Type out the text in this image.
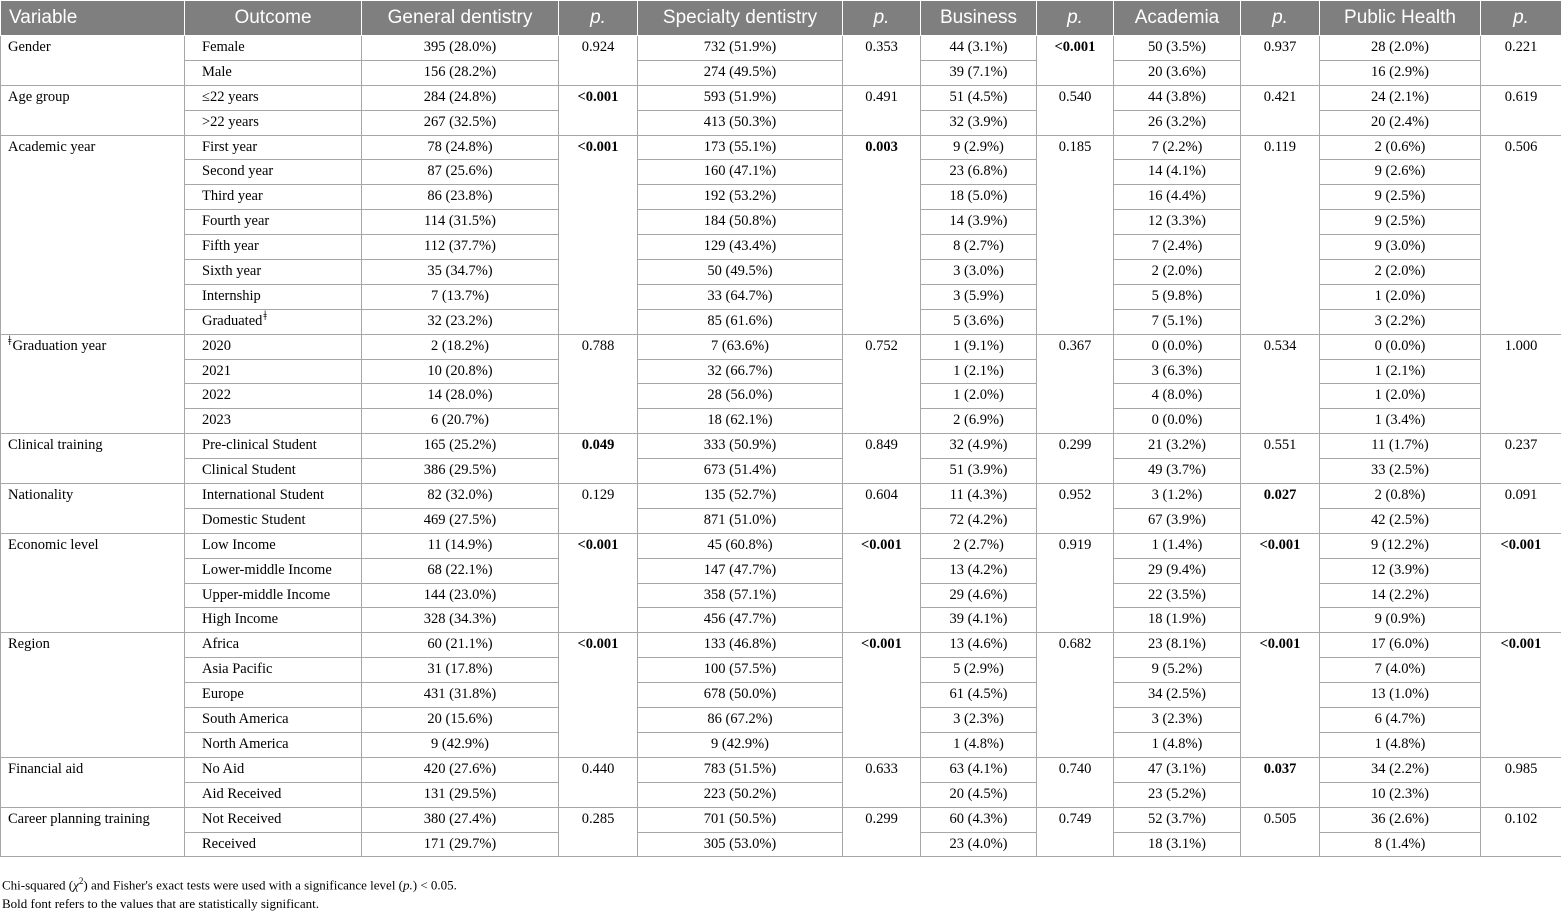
Variable	Outcome	General dentistry	p.	Specialty dentistry	p.	Business	p.	Academia	p.	Public Health	p.
Gender	Female	395 (28.0%)	0.924	732 (51.9%)	0.353	44 (3.1%)	<0.001	50 (3.5%)	0.937	28 (2.0%)	0.221
	Male	156 (28.2%)		274 (49.5%)		39 (7.1%)		20 (3.6%)		16 (2.9%)	
Age group	≤22 years	284 (24.8%)	<0.001	593 (51.9%)	0.491	51 (4.5%)	0.540	44 (3.8%)	0.421	24 (2.1%)	0.619
	>22 years	267 (32.5%)		413 (50.3%)		32 (3.9%)		26 (3.2%)		20 (2.4%)	
Academic year	First year	78 (24.8%)	<0.001	173 (55.1%)	0.003	9 (2.9%)	0.185	7 (2.2%)	0.119	2 (0.6%)	0.506
	Second year	87 (25.6%)		160 (47.1%)		23 (6.8%)		14 (4.1%)		9 (2.6%)	
	Third year	86 (23.8%)		192 (53.2%)		18 (5.0%)		16 (4.4%)		9 (2.5%)	
	Fourth year	114 (31.5%)		184 (50.8%)		14 (3.9%)		12 (3.3%)		9 (2.5%)	
	Fifth year	112 (37.7%)		129 (43.4%)		8 (2.7%)		7 (2.4%)		9 (3.0%)	
	Sixth year	35 (34.7%)		50 (49.5%)		3 (3.0%)		2 (2.0%)		2 (2.0%)	
	Internship	7 (13.7%)		33 (64.7%)		3 (5.9%)		5 (9.8%)		1 (2.0%)	
	Graduatedǂ	32 (23.2%)		85 (61.6%)		5 (3.6%)		7 (5.1%)		3 (2.2%)	
ǂGraduation year	2020	2 (18.2%)	0.788	7 (63.6%)	0.752	1 (9.1%)	0.367	0 (0.0%)	0.534	0 (0.0%)	1.000
	2021	10 (20.8%)		32 (66.7%)		1 (2.1%)		3 (6.3%)		1 (2.1%)	
	2022	14 (28.0%)		28 (56.0%)		1 (2.0%)		4 (8.0%)		1 (2.0%)	
	2023	6 (20.7%)		18 (62.1%)		2 (6.9%)		0 (0.0%)		1 (3.4%)	
Clinical training	Pre-clinical Student	165 (25.2%)	0.049	333 (50.9%)	0.849	32 (4.9%)	0.299	21 (3.2%)	0.551	11 (1.7%)	0.237
	Clinical Student	386 (29.5%)		673 (51.4%)		51 (3.9%)		49 (3.7%)		33 (2.5%)	
Nationality	International Student	82 (32.0%)	0.129	135 (52.7%)	0.604	11 (4.3%)	0.952	3 (1.2%)	0.027	2 (0.8%)	0.091
	Domestic Student	469 (27.5%)		871 (51.0%)		72 (4.2%)		67 (3.9%)		42 (2.5%)	
Economic level	Low Income	11 (14.9%)	<0.001	45 (60.8%)	<0.001	2 (2.7%)	0.919	1 (1.4%)	<0.001	9 (12.2%)	<0.001
	Lower-middle Income	68 (22.1%)		147 (47.7%)		13 (4.2%)		29 (9.4%)		12 (3.9%)	
	Upper-middle Income	144 (23.0%)		358 (57.1%)		29 (4.6%)		22 (3.5%)		14 (2.2%)	
	High Income	328 (34.3%)		456 (47.7%)		39 (4.1%)		18 (1.9%)		9 (0.9%)	
Region	Africa	60 (21.1%)	<0.001	133 (46.8%)	<0.001	13 (4.6%)	0.682	23 (8.1%)	<0.001	17 (6.0%)	<0.001
	Asia Pacific	31 (17.8%)		100 (57.5%)		5 (2.9%)		9 (5.2%)		7 (4.0%)	
	Europe	431 (31.8%)		678 (50.0%)		61 (4.5%)		34 (2.5%)		13 (1.0%)	
	South America	20 (15.6%)		86 (67.2%)		3 (2.3%)		3 (2.3%)		6 (4.7%)	
	North America	9 (42.9%)		9 (42.9%)		1 (4.8%)		1 (4.8%)		1 (4.8%)	
Financial aid	No Aid	420 (27.6%)	0.440	783 (51.5%)	0.633	63 (4.1%)	0.740	47 (3.1%)	0.037	34 (2.2%)	0.985
	Aid Received	131 (29.5%)		223 (50.2%)		20 (4.5%)		23 (5.2%)		10 (2.3%)	
Career planning training	Not Received	380 (27.4%)	0.285	701 (50.5%)	0.299	60 (4.3%)	0.749	52 (3.7%)	0.505	36 (2.6%)	0.102
	Received	171 (29.7%)		305 (53.0%)		23 (4.0%)		18 (3.1%)		8 (1.4%)	
Chi-squared $(\chi^2)$ and Fisher's exact tests were used with a significance level (p.) < 0.05.
Bold font refers to the values that are statistically significant.
